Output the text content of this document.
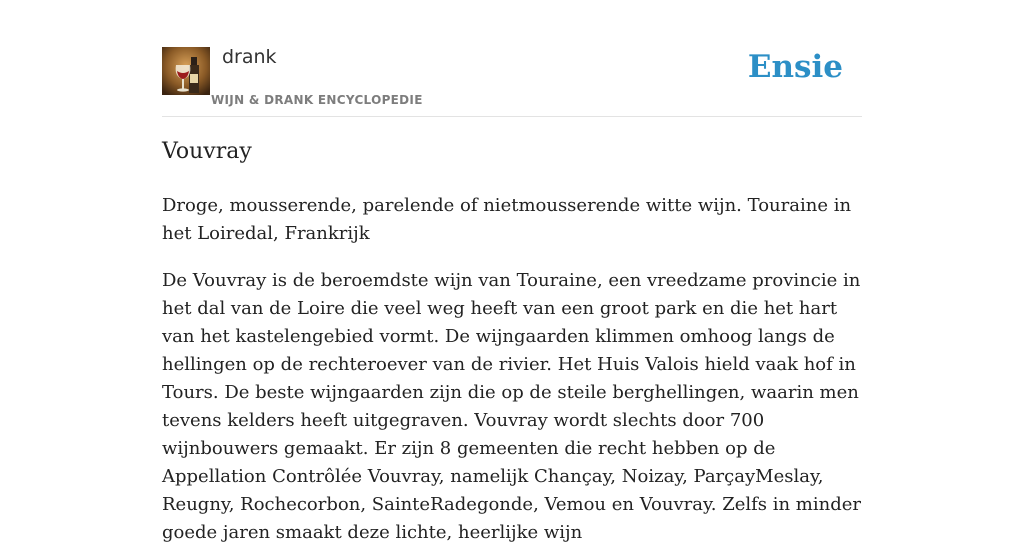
drank
WIJN & DRANK ENCYCLOPEDIE
Ensie
Vouvray

Droge, mousserende, parelende of nietmousserende witte wijn. Touraine in het Loiredal, Frankrijk

De Vouvray is de beroemdste wijn van Touraine, een vreedzame provincie in het dal van de Loire die veel weg heeft van een groot park en die het hart van het kastelengebied vormt. De wijngaarden klimmen omhoog langs de hellingen op de rechteroever van de rivier. Het Huis Valois hield vaak hof in Tours. De beste wijngaarden zijn die op de steile berghellingen, waarin men tevens kelders heeft uitgegraven. Vouvray wordt slechts door 700 wijnbouwers gemaakt. Er zijn 8 gemeenten die recht hebben op de Appellation Contrôlée Vouvray, namelijk Chançay, Noizay, ParçayMeslay, Reugny, Rochecorbon, SainteRadegonde, Vemou en Vouvray. Zelfs in minder goede jaren smaakt deze lichte, heerlijke wijn
